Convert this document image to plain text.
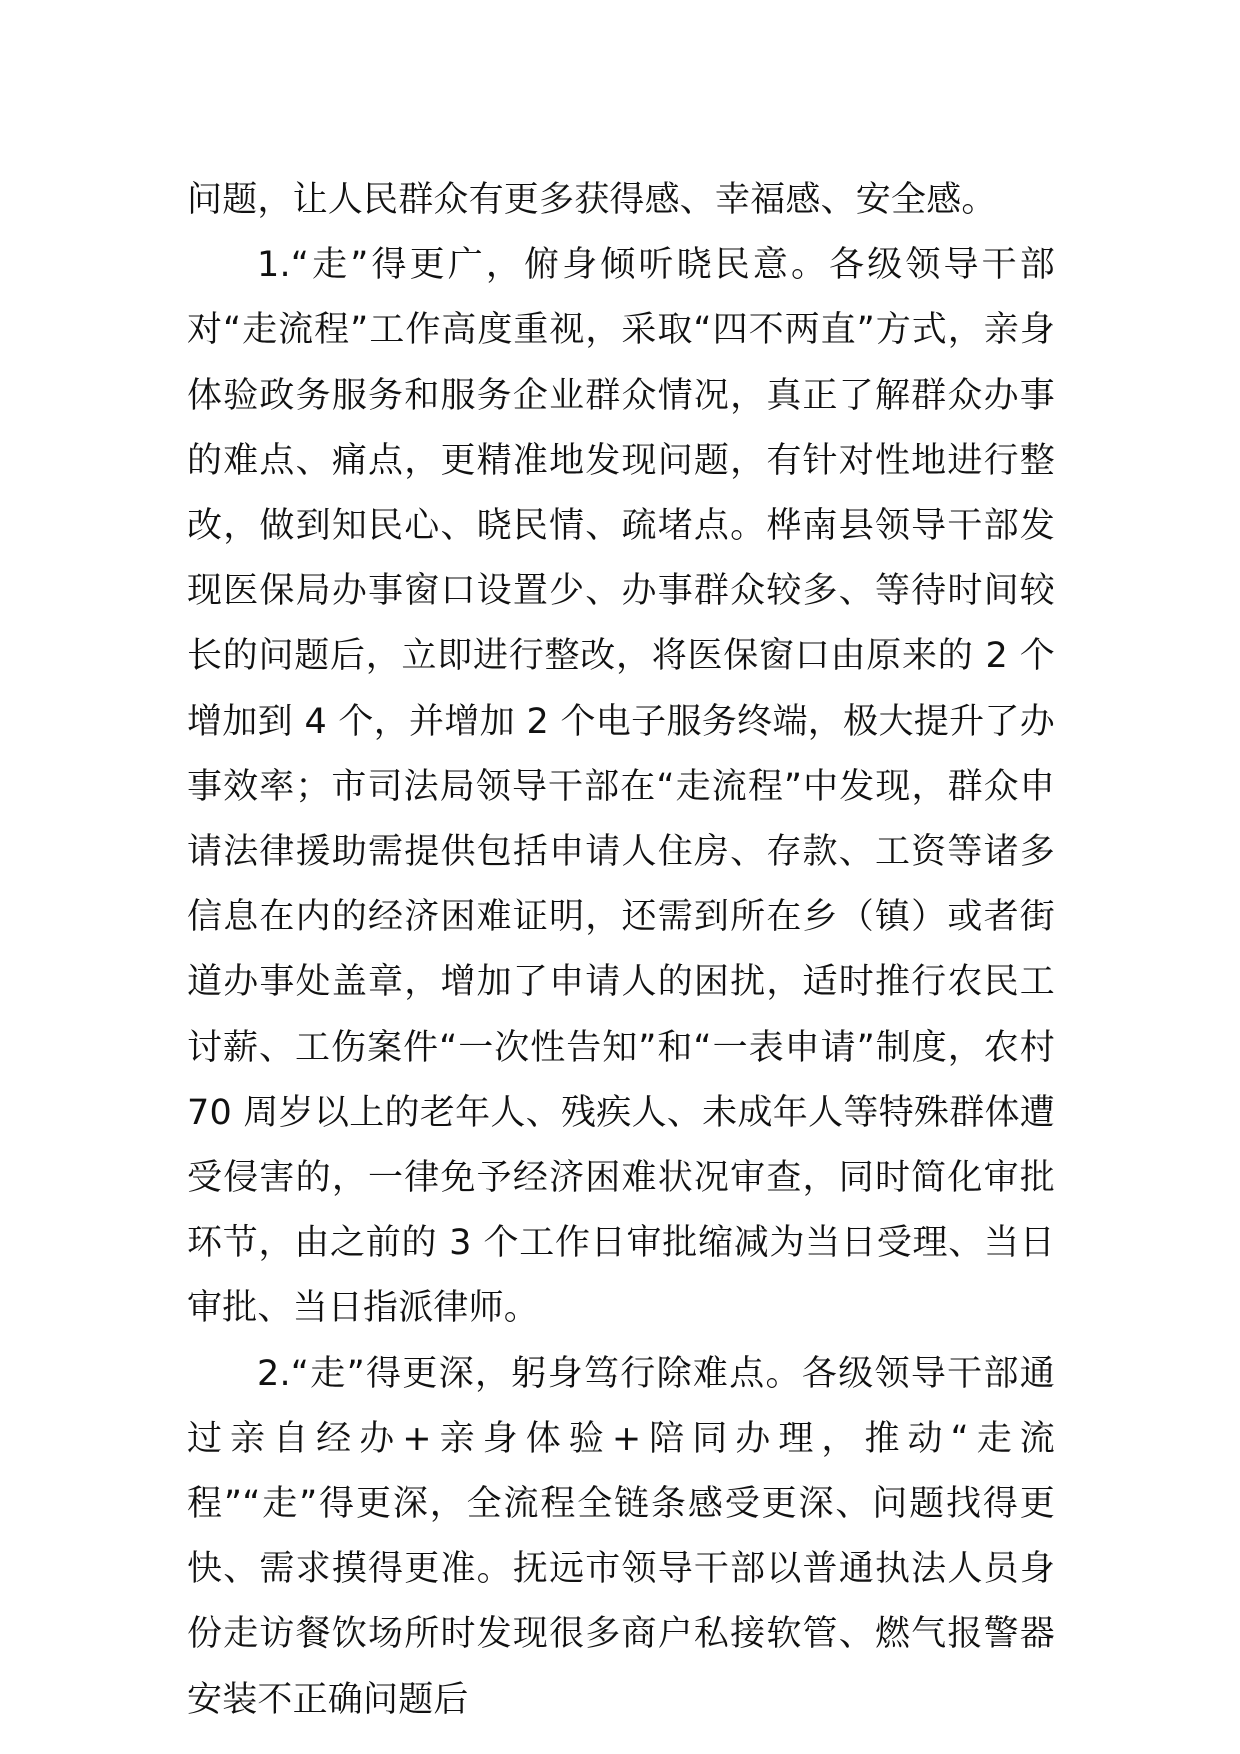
问题，让人民群众有更多获得感、幸福感、安全感。

1.“走”得更广，俯身倾听晓民意。各级领导干部对“走流程”工作高度重视，采取“四不两直”方式，亲身体验政务服务和服务企业群众情况，真正了解群众办事的难点、痛点，更精准地发现问题，有针对性地进行整改，做到知民心、晓民情、疏堵点。桦南县领导干部发现医保局办事窗口设置少、办事群众较多、等待时间较长的问题后，立即进行整改，将医保窗口由原来的 2 个增加到 4 个，并增加 2 个电子服务终端，极大提升了办事效率；市司法局领导干部在“走流程”中发现，群众申请法律援助需提供包括申请人住房、存款、工资等诸多信息在内的经济困难证明，还需到所在乡（镇）或者街道办事处盖章，增加了申请人的困扰，适时推行农民工讨薪、工伤案件“一次性告知”和“一表申请”制度，农村 70 周岁以上的老年人、残疾人、未成年人等特殊群体遭受侵害的，一律免予经济困难状况审查，同时简化审批环节，由之前的 3 个工作日审批缩减为当日受理、当日审批、当日指派律师。

2.“走”得更深，躬身笃行除难点。各级领导干部通过亲自经办+亲身体验+陪同办理，推动“走流程”“走”得更深，全流程全链条感受更深、问题找得更快、需求摸得更准。抚远市领导干部以普通执法人员身份走访餐饮场所时发现很多商户私接软管、燃气报警器安装不正确问题后
